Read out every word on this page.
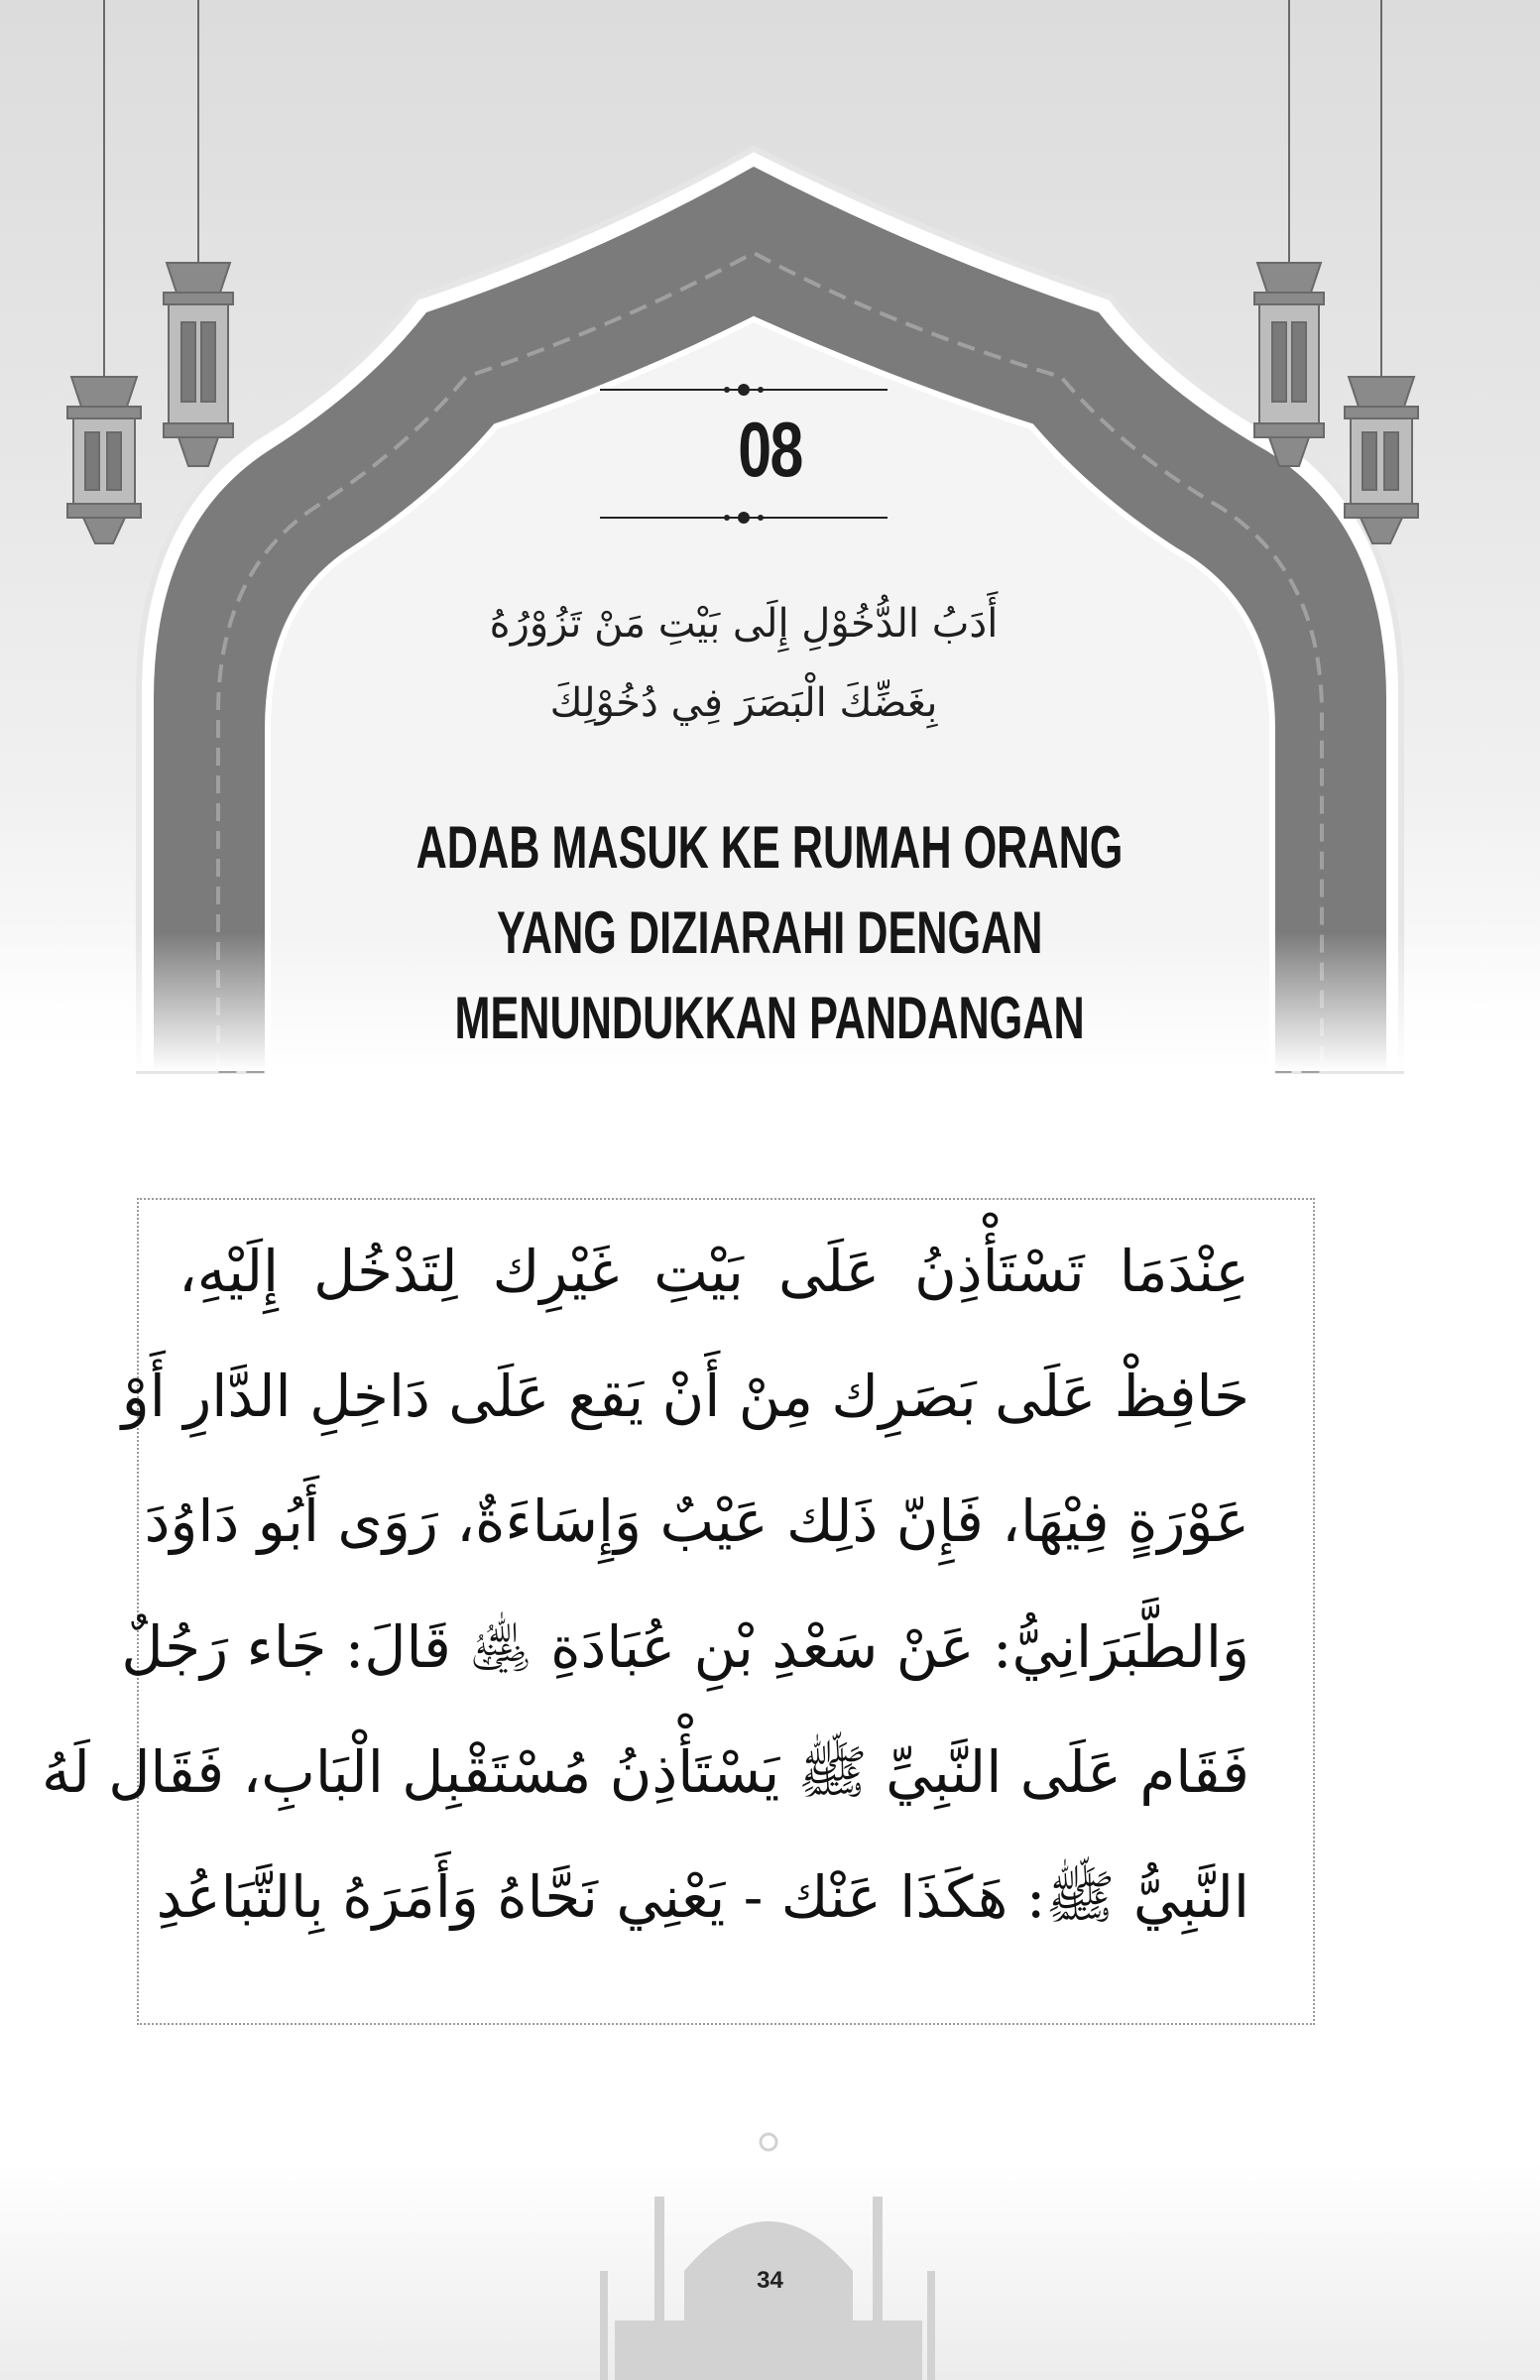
08
أَدَبُ الدُّخُوْلِ إِلَى بَيْتِ مَنْ تَزُوْرُهُ
بِغَضِّكَ الْبَصَرَ فِي دُخُوْلِكَ
ADAB MASUK KE RUMAH ORANG
YANG DIZIARAHI DENGAN
MENUNDUKKAN PANDANGAN
عِنْدَمَا تَسْتَأْذِنُ عَلَى بَيْتِ غَيْرِك لِتَدْخُل إِلَيْهِ،
حَافِظْ عَلَى بَصَرِك مِنْ أَنْ يَقع عَلَى دَاخِلِ الدَّارِ أَوْ
عَوْرَةٍ فِيْهَا، فَإِنّ ذَلِك عَيْبٌ وَإِسَاءَةٌ، رَوَى أَبُو دَاوُدَ
وَالطَّبَرَانِيُّ: عَنْ سَعْدِ بْنِ عُبَادَةِ ﵁ قَالَ: جَاء رَجُلٌ
فَقَام عَلَى النَّبِيِّ ﷺ يَسْتَأْذِنُ مُسْتَقْبِل الْبَابِ، فَقَال لَهُ
النَّبِيُّ ﷺ: هَكَذَا عَنْك - يَعْنِي نَحَّاهُ وَأَمَرَهُ بِالتَّبَاعُدِ
34
